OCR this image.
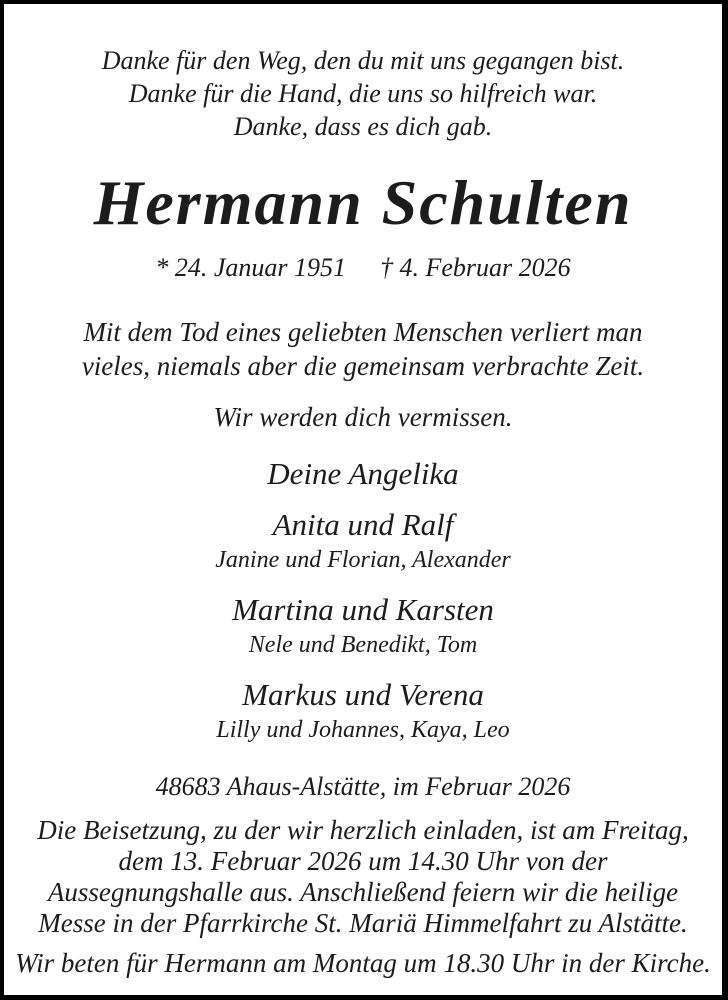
Danke für den Weg, den du mit uns gegangen bist.
Danke für die Hand, die uns so hilfreich war.
Danke, dass es dich gab.
Hermann Schulten
* 24. Januar 1951 † 4. Februar 2026
Mit dem Tod eines geliebten Menschen verliert man
vieles, niemals aber die gemeinsam verbrachte Zeit.
Wir werden dich vermissen.
Deine Angelika
Anita und Ralf
Janine und Florian, Alexander
Martina und Karsten
Nele und Benedikt, Tom
Markus und Verena
Lilly und Johannes, Kaya, Leo
48683 Ahaus-Alstätte, im Februar 2026
Die Beisetzung, zu der wir herzlich einladen, ist am Freitag,
dem 13. Februar 2026 um 14.30 Uhr von der
Aussegnungshalle aus. Anschließend feiern wir die heilige
Messe in der Pfarrkirche St. Mariä Himmelfahrt zu Alstätte.
Wir beten für Hermann am Montag um 18.30 Uhr in der Kirche.
